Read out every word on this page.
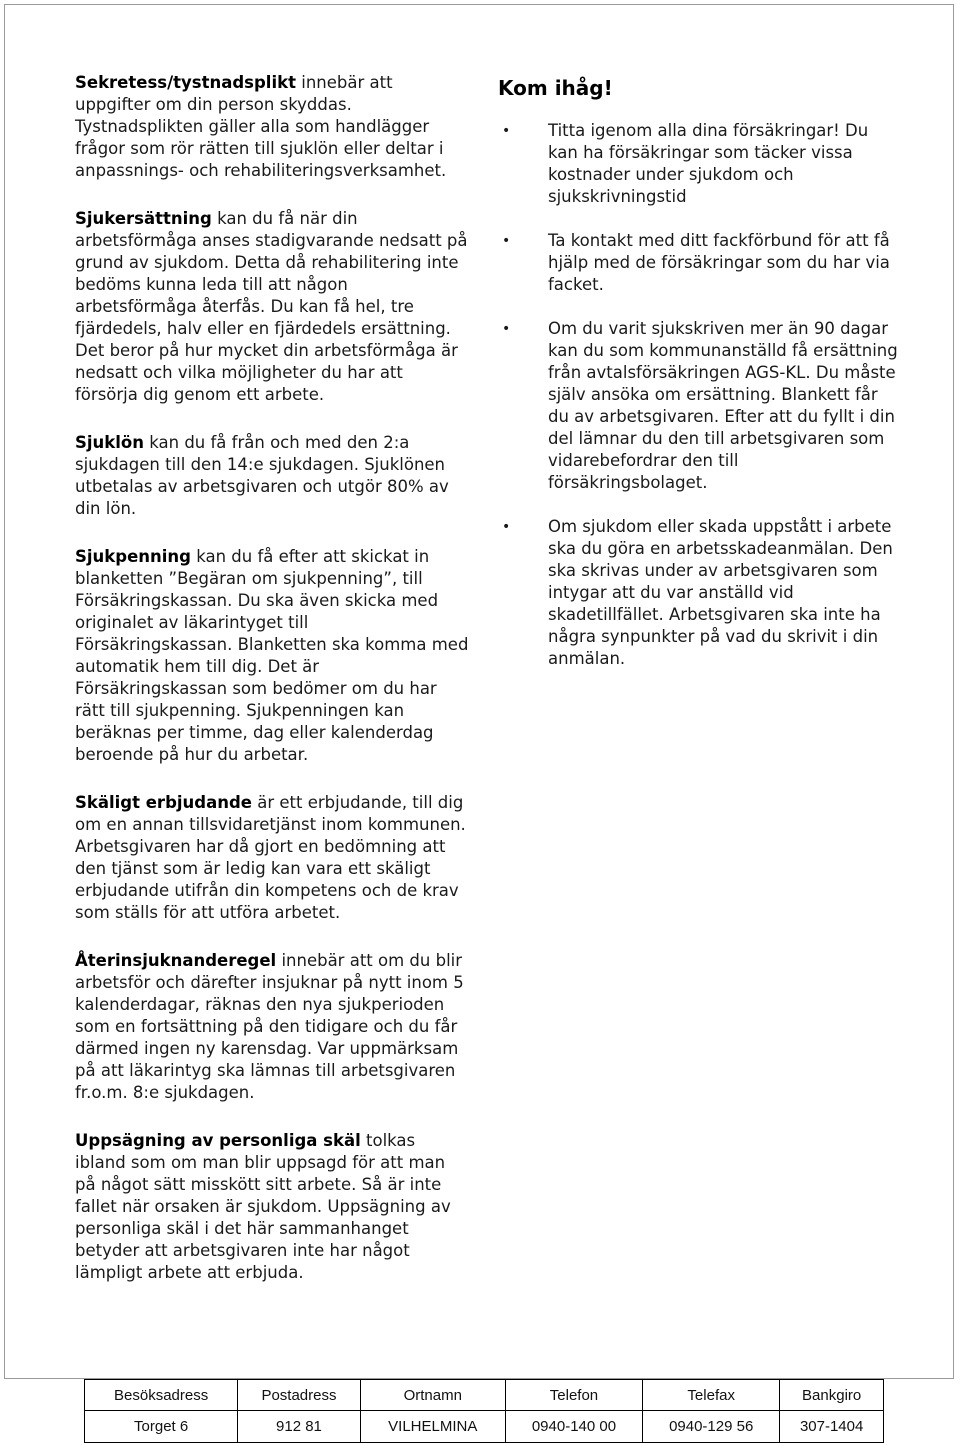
Sekretess/tystnadsplikt innebär att uppgifter om din person skyddas. Tystnadsplikten gäller alla som handlägger frågor som rör rätten till sjuklön eller deltar i anpassnings- och rehabiliteringsverksamhet.

Sjukersättning kan du få när din arbetsförmåga anses stadigvarande nedsatt på grund av sjukdom. Detta då rehabilitering inte bedöms kunna leda till att någon arbetsförmåga återfås. Du kan få hel, tre fjärdedels, halv eller en fjärdedels ersättning. Det beror på hur mycket din arbetsförmåga är nedsatt och vilka möjligheter du har att försörja dig genom ett arbete.

Sjuklön kan du få från och med den 2:a sjukdagen till den 14:e sjukdagen. Sjuklönen utbetalas av arbetsgivaren och utgör 80% av din lön.

Sjukpenning kan du få efter att skickat in blanketten ”Begäran om sjukpenning”, till Försäkringskassan. Du ska även skicka med originalet av läkarintyget till Försäkringskassan. Blanketten ska komma med automatik hem till dig. Det är Försäkringskassan som bedömer om du har rätt till sjukpenning. Sjukpenningen kan beräknas per timme, dag eller kalenderdag beroende på hur du arbetar.

Skäligt erbjudande är ett erbjudande, till dig om en annan tillsvidaretjänst inom kommunen. Arbetsgivaren har då gjort en bedömning att den tjänst som är ledig kan vara ett skäligt erbjudande utifrån din kompetens och de krav som ställs för att utföra arbetet.

Återinsjuknanderegel innebär att om du blir arbetsför och därefter insjuknar på nytt inom 5 kalenderdagar, räknas den nya sjukperioden som en fortsättning på den tidigare och du får därmed ingen ny karensdag. Var uppmärksam på att läkarintyg ska lämnas till arbetsgivaren fr.o.m. 8:e sjukdagen.

Uppsägning av personliga skäl tolkas ibland som om man blir uppsagd för att man på något sätt misskött sitt arbete. Så är inte fallet när orsaken är sjukdom. Uppsägning av personliga skäl i det här sammanhanget betyder att arbetsgivaren inte har något lämpligt arbete att erbjuda.

Kom ihåg!
• Titta igenom alla dina försäkringar! Du kan ha försäkringar som täcker vissa kostnader under sjukdom och sjukskrivningstid
• Ta kontakt med ditt fackförbund för att få hjälp med de försäkringar som du har via facket.
• Om du varit sjukskriven mer än 90 dagar kan du som kommunanställd få ersättning från avtalsförsäkringen AGS-KL. Du måste själv ansöka om ersättning. Blankett får du av arbetsgivaren. Efter att du fyllt i din del lämnar du den till arbetsgivaren som vidarebefordrar den till försäkringsbolaget.
• Om sjukdom eller skada uppstått i arbete ska du göra en arbetsskadeanmälan. Den ska skrivas under av arbetsgivaren som intygar att du var anställd vid skadetillfället. Arbetsgivaren ska inte ha några synpunkter på vad du skrivit i din anmälan.
Besöksadress	Postadress	Ortnamn	Telefon	Telefax	Bankgiro
Torget 6	912 81	VILHELMINA	0940-140 00	0940-129 56	307-1404
